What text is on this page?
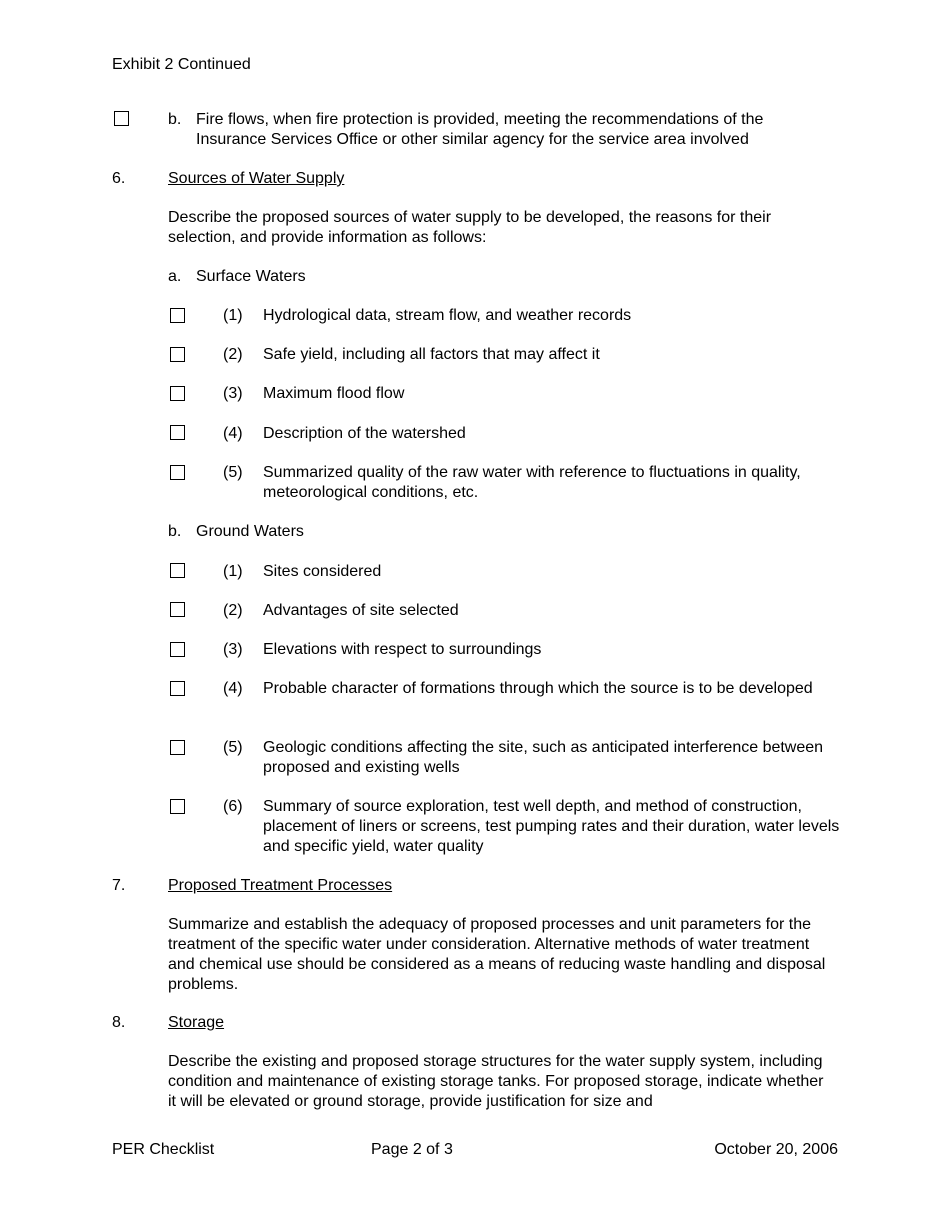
Exhibit 2 Continued
b. Fire flows, when fire protection is provided, meeting the recommendations of the Insurance Services Office or other similar agency for the service area involved
6.	Sources of Water Supply
Describe the proposed sources of water supply to be developed, the reasons for their selection, and provide information as follows:
a. Surface Waters
(1) Hydrological data, stream flow, and weather records
(2) Safe yield, including all factors that may affect it
(3) Maximum flood flow
(4) Description of the watershed
(5) Summarized quality of the raw water with reference to fluctuations in quality, meteorological conditions, etc.
b. Ground Waters
(1) Sites considered
(2) Advantages of site selected
(3) Elevations with respect to surroundings
(4) Probable character of formations through which the source is to be developed
(5) Geologic conditions affecting the site, such as anticipated interference between proposed and existing wells
(6) Summary of source exploration, test well depth, and method of construction, placement of liners or screens, test pumping rates and their duration, water levels and specific yield, water quality
7.	Proposed Treatment Processes
Summarize and establish the adequacy of proposed processes and unit parameters for the treatment of the specific water under consideration. Alternative methods of water treatment and chemical use should be considered as a means of reducing waste handling and disposal problems.
8.	Storage
Describe the existing and proposed storage structures for the water supply system, including condition and maintenance of existing storage tanks. For proposed storage, indicate whether it will be elevated or ground storage, provide justification for size and
PER Checklist	Page 2 of 3	October 20, 2006
